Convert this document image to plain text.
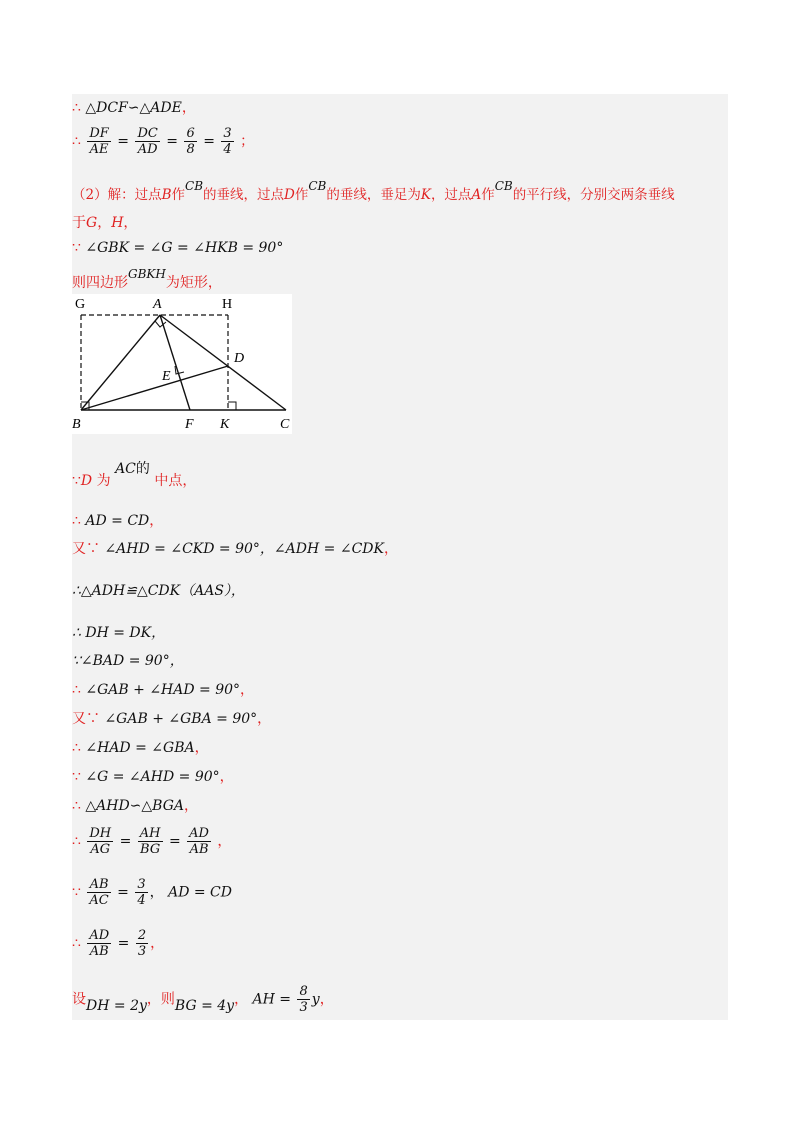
∴ △DCF∽△ADE，
∴ $\frac{DF}{AE} = \frac{DC}{AD} = \frac{6}{8} = \frac{3}{4}$ ；
（2）解：过点B作CB的垂线，过点D作CB的垂线，垂足为K，过点A作CB的平行线，分别交两条垂线
于G，H，
∵ ∠GBK = ∠G = ∠HKB = 90°
则四边形GBKH为矩形，
G	A	H
D
E
B	F K	C
∵D 为 AC的 中点，
∴ AD = CD，
又∵ ∠AHD = ∠CKD = 90°，∠ADH = ∠CDK，
∴△ADH≌△CDK（AAS），
∴ DH = DK，
∵∠BAD = 90°，
∴ ∠GAB + ∠HAD = 90°，
又∵ ∠GAB + ∠GBA = 90°，
∴ ∠HAD = ∠GBA，
∵ ∠G = ∠AHD = 90°，
∴ △AHD∽△BGA，
∴ $\frac{DH}{AG} = \frac{AH}{BG} = \frac{AD}{AB}$ ，
∵ $\frac{AB}{AC} = \frac{3}{4}$ ， AD = CD
∴ $\frac{AD}{AB} = \frac{2}{3}$ ，
设DH = 2y，则BG = 4y， AH = $\frac{8}{3}$ y，
